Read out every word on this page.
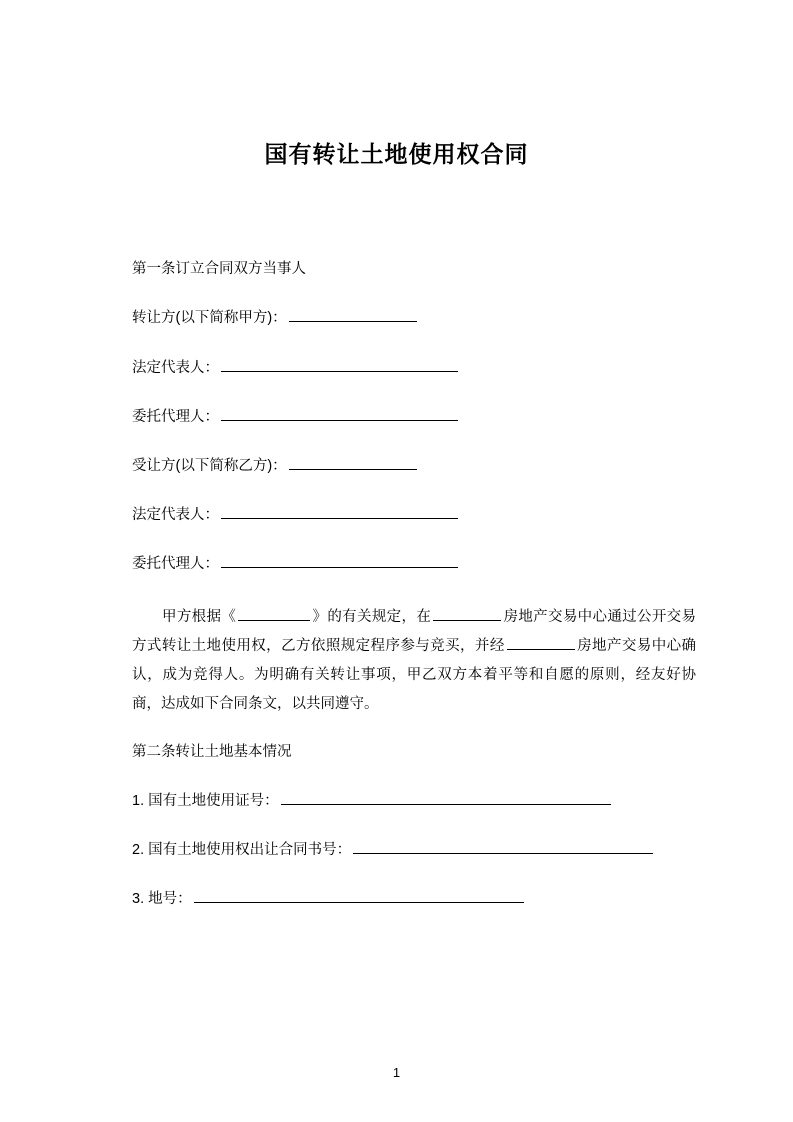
国有转让土地使用权合同
第一条订立合同双方当事人
转让方(以下简称甲方)：
法定代表人：
委托代理人：
受让方(以下简称乙方)：
法定代表人：
委托代理人：

甲方根据《	》的有关规定，在	房地产交易中心通过公开交易方式转让土地使用权，乙方依照规定程序参与竞买，并经	房地产交易中心确认，成为竞得人。为明确有关转让事项，甲乙双方本着平等和自愿的原则，经友好协商，达成如下合同条文，以共同遵守。

第二条转让土地基本情况
1. 国有土地使用证号：
2. 国有土地使用权出让合同书号：
3. 地号：
1
